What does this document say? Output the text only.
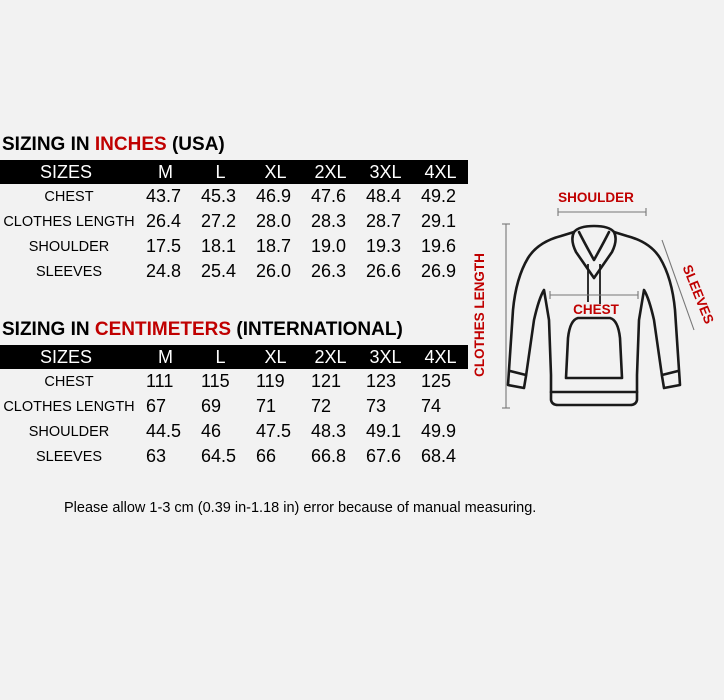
SIZING IN INCHES (USA)
SIZES	M	L	XL	2XL	3XL	4XL
CHEST	43.7	45.3	46.9	47.6	48.4	49.2
CLOTHES LENGTH	26.4	27.2	28.0	28.3	28.7	29.1
SHOULDER	17.5	18.1	18.7	19.0	19.3	19.6
SLEEVES	24.8	25.4	26.0	26.3	26.6	26.9
SIZING IN CENTIMETERS (INTERNATIONAL)
SIZES	M	L	XL	2XL	3XL	4XL
CHEST	111	115	119	121	123	125
CLOTHES LENGTH	67	69	71	72	73	74
SHOULDER	44.5	46	47.5	48.3	49.1	49.9
SLEEVES	63	64.5	66	66.8	67.6	68.4

Please allow 1-3 cm (0.39 in-1.18 in) error because of manual measuring.

SHOULDER
CHEST
CLOTHES LENGTH	SLEEVES
